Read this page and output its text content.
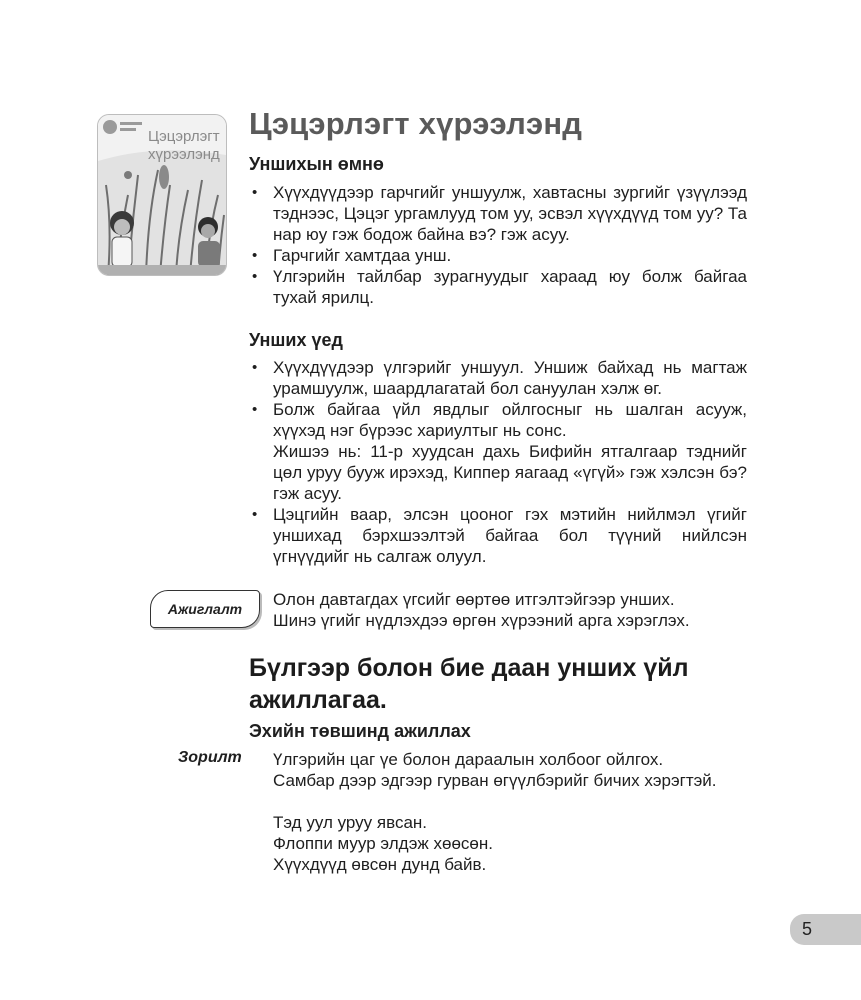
Цэцэрлэгт
хүрээлэнд
Цэцэрлэгт хүрээлэнд
Уншихын өмнө
• Хүүхдүүдээр гарчгийг уншуулж, хавтасны зургийг үзүүлээд тэднээс, Цэцэг ургамлууд том уу, эсвэл хүүхдүүд том уу? Та нар юу гэж бодож байна вэ? гэж асуу.
• Гарчгийг хамтдаа унш.
• Үлгэрийн тайлбар зурагнуудыг хараад юу болж байгаа тухай ярилц.
Унших үед
• Хүүхдүүдээр үлгэрийг уншуул. Уншиж байхад нь магтаж урамшуулж, шаардлагатай бол сануулан хэлж өг.
• Болж байгаа үйл явдлыг ойлгосныг нь шалган асууж, хүүхэд нэг бүрээс хариултыг нь сонс.
Жишээ нь: 11-р хуудсан дахь Бифийн ятгалгаар тэднийг цөл уруу бууж ирэхэд, Киппер яагаад «үгүй» гэж хэлсэн бэ? гэж асуу.
• Цэцгийн ваар, элсэн цооног гэх мэтийн нийлмэл үгийг уншихад бэрхшээлтэй байгаа бол түүний нийлсэн үгнүүдийг нь салгаж олуул.
Ажиглалт	Олон давтагдах үгсийг өөртөө итгэлтэйгээр унших.
Шинэ үгийг нүдлэхдээ өргөн хүрээний арга хэрэглэх.
Бүлгээр болон бие даан унших үйл ажиллагаа.
Эхийн төвшинд ажиллах
Зорилт Үлгэрийн цаг үе болон дараалын холбоог ойлгох.
Самбар дээр эдгээр гурван өгүүлбэрийг бичих хэрэгтэй.
Тэд уул уруу явсан.
Флоппи муур элдэж хөөсөн.
Хүүхдүүд өвсөн дунд байв.
5
